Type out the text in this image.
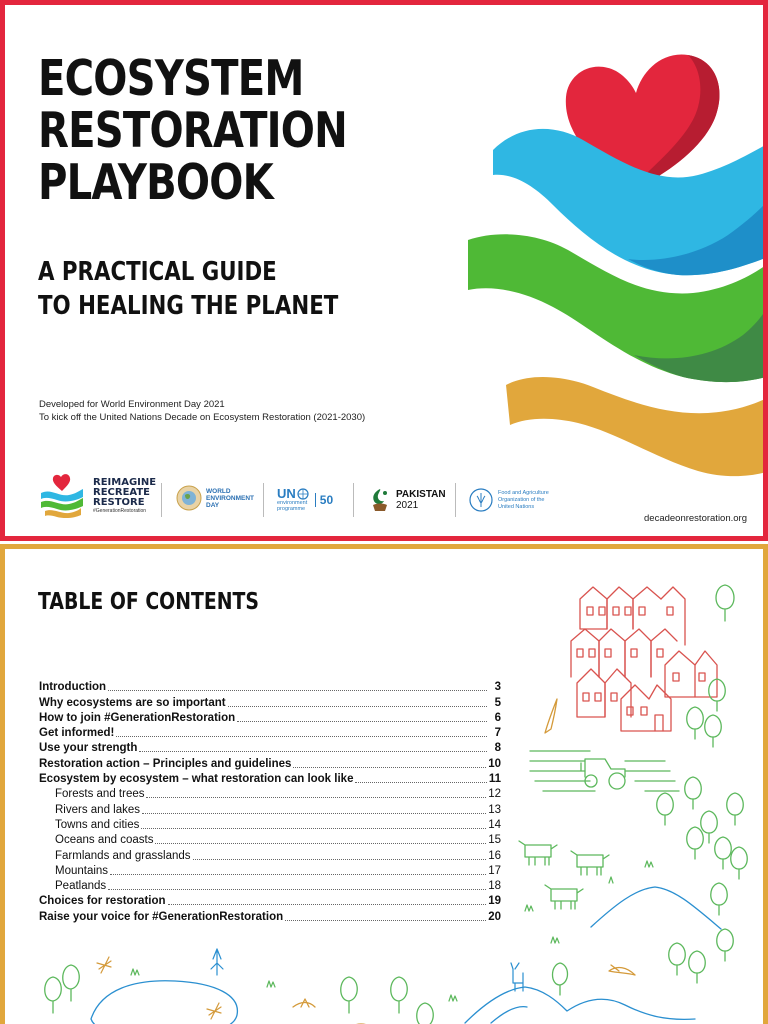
ECOSYSTEM
RESTORATION
PLAYBOOK
A PRACTICAL GUIDE
TO HEALING THE PLANET
Developed for World Environment Day 2021
To kick off the United Nations Decade on Ecosystem Restoration (2021-2030)
REIMAGINE
RECREATE
RESTORE
#GenerationRestoration
WORLD
ENVIRONMENT
DAY
UN
environment
programme
50	PAKISTAN
2021
Food and Agriculture
Organization of the
United Nations
decadeonrestoration.org
TABLE OF CONTENTS
Introduction	3
Why ecosystems are so important	5
How to join #GenerationRestoration	6
Get informed!	7
Use your strength	8
Restoration action – Principles and guidelines	10
Ecosystem by ecosystem – what restoration can look like	11
Forests and trees	12
Rivers and lakes	13
Towns and cities	14
Oceans and coasts	15
Farmlands and grasslands	16
Mountains	17
Peatlands	18
Choices for restoration	19
Raise your voice for #GenerationRestoration	20
